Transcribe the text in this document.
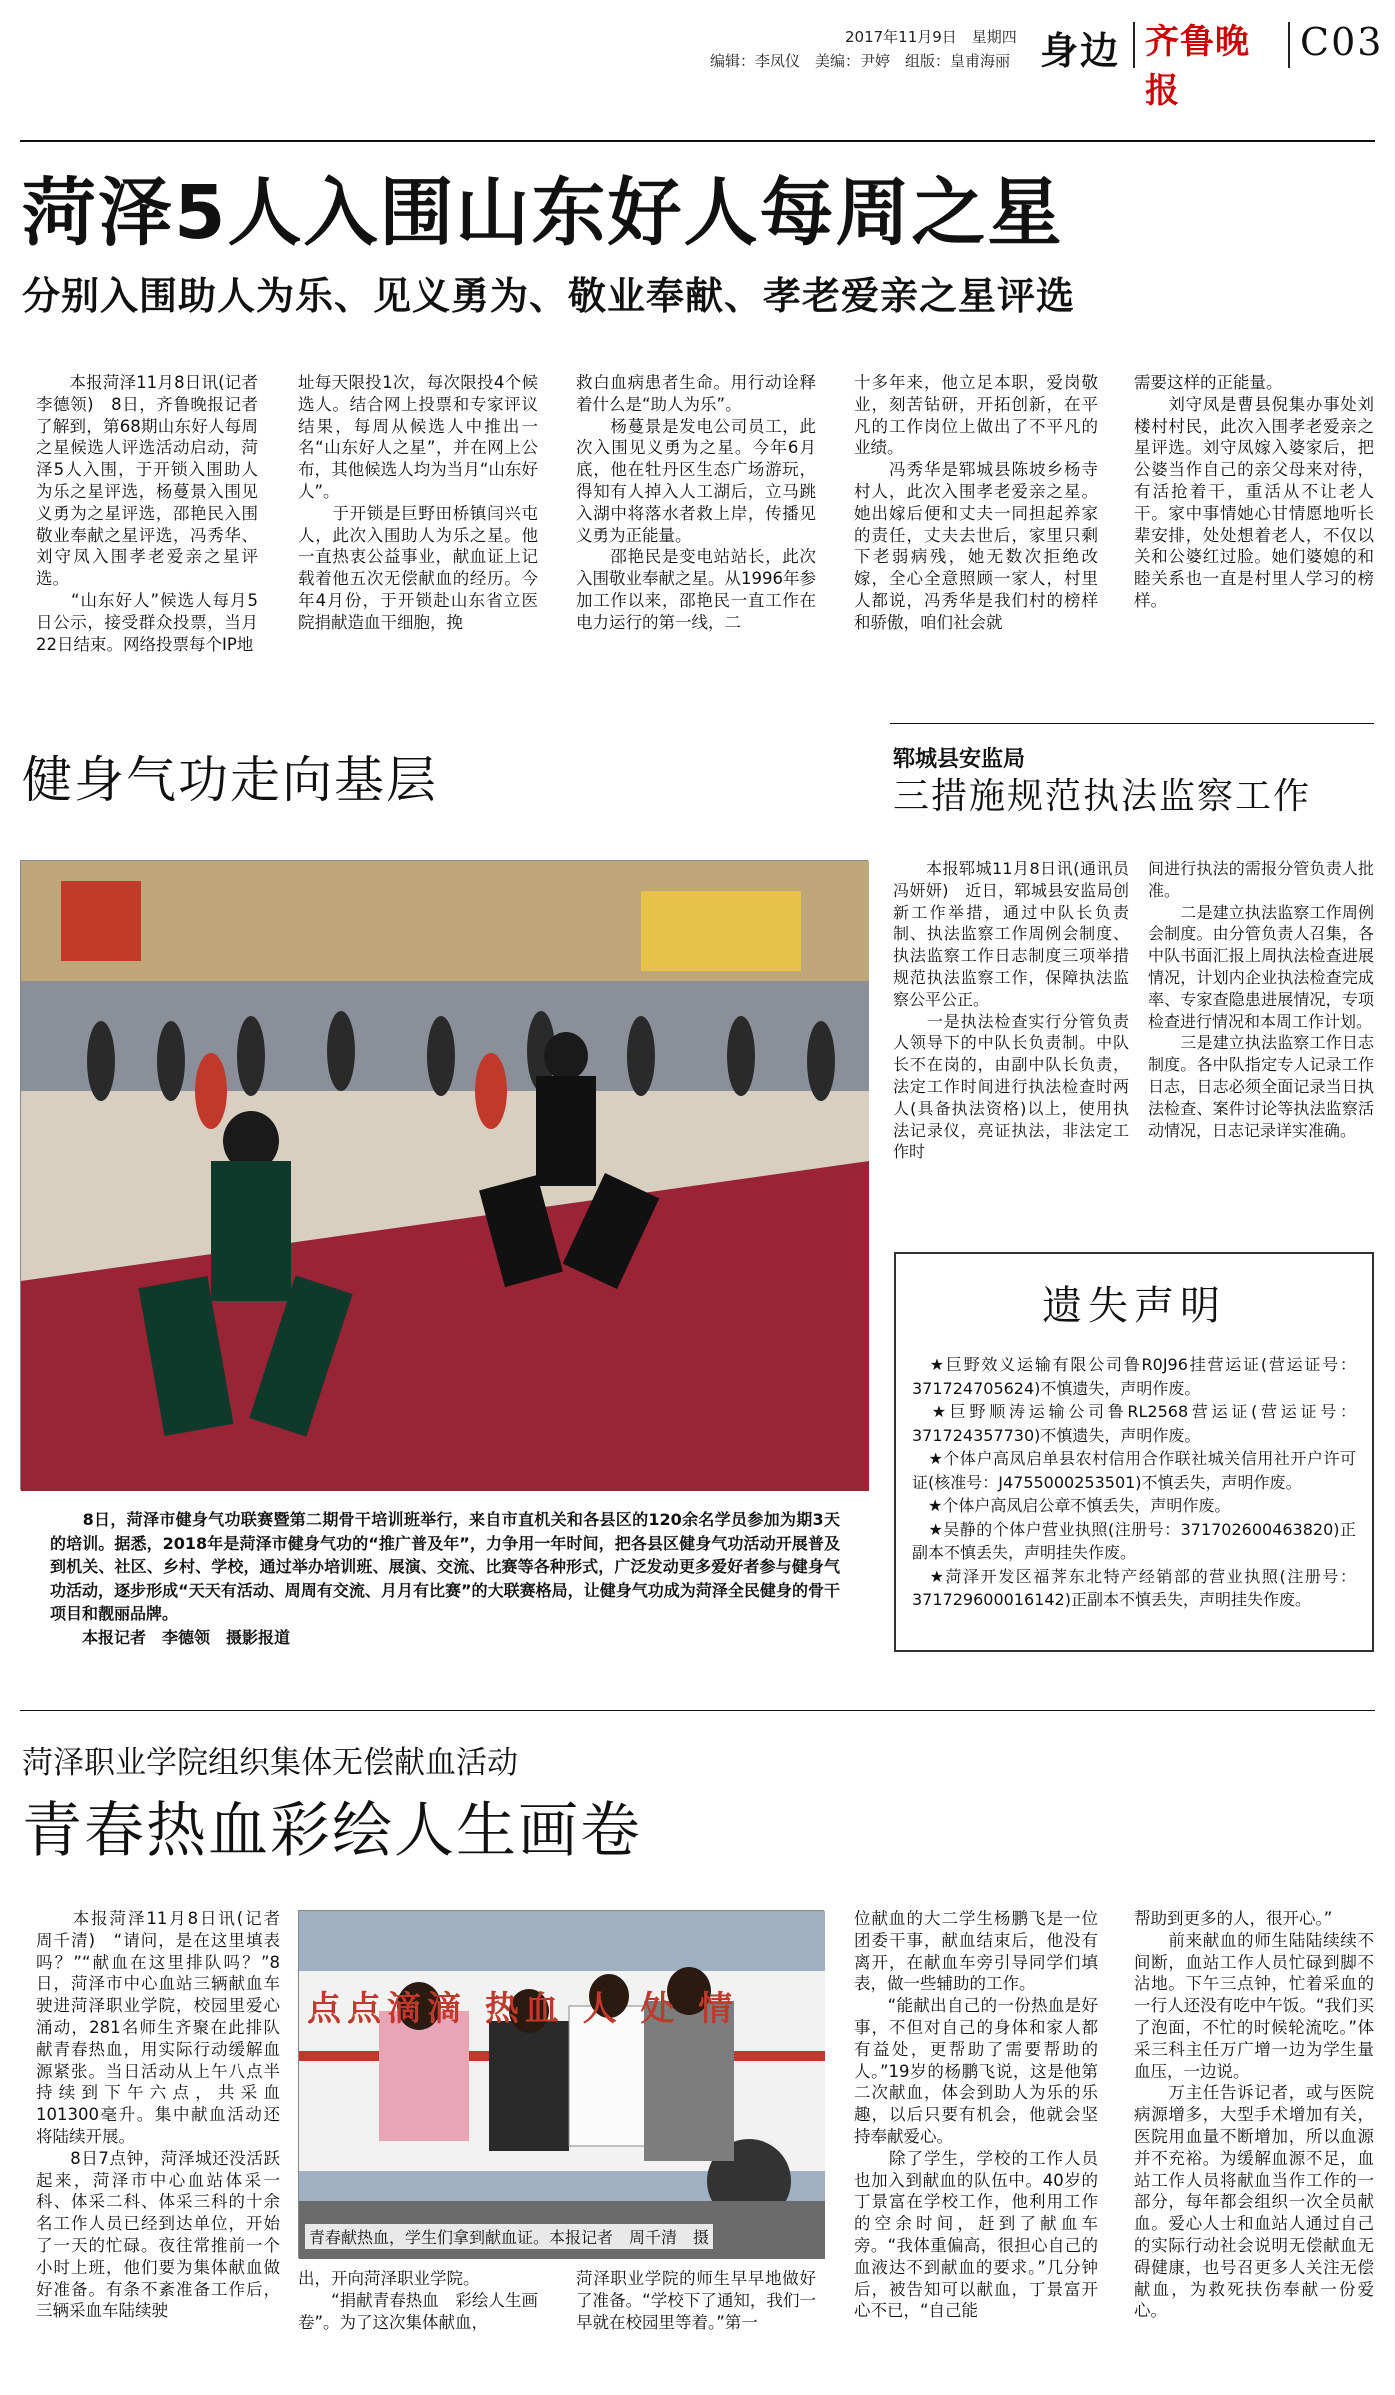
2017年11月9日　星期四
编辑：李凤仪　美编：尹婷　组版：皇甫海丽 身边 齐鲁晚报
C03
菏泽5人入围山东好人每周之星
分别入围助人为乐、见义勇为、敬业奉献、孝老爱亲之星评选
　　本报菏泽11月8日讯(记者　李德领)　8日，齐鲁晚报记者了解到，第68期山东好人每周之星候选人评选活动启动，菏泽5人入围，于开锁入围助人为乐之星评选，杨蔓景入围见义勇为之星评选，邵艳民入围敬业奉献之星评选，冯秀华、刘守凤入围孝老爱亲之星评选。
　　“山东好人”候选人每月5日公示，接受群众投票，当月22日结束。网络投票每个IP地
址每天限投1次，每次限投4个候选人。结合网上投票和专家评议结果，每周从候选人中推出一名“山东好人之星”，并在网上公布，其他候选人均为当月“山东好人”。
　　于开锁是巨野田桥镇闫兴屯人，此次入围助人为乐之星。他一直热衷公益事业，献血证上记载着他五次无偿献血的经历。今年4月份，于开锁赴山东省立医院捐献造血干细胞，挽
救白血病患者生命。用行动诠释着什么是“助人为乐”。
　　杨蔓景是发电公司员工，此次入围见义勇为之星。今年6月底，他在牡丹区生态广场游玩，得知有人掉入人工湖后，立马跳入湖中将落水者救上岸，传播见义勇为正能量。
　　邵艳民是变电站站长，此次入围敬业奉献之星。从1996年参加工作以来，邵艳民一直工作在电力运行的第一线，二
十多年来，他立足本职，爱岗敬业，刻苦钻研，开拓创新，在平凡的工作岗位上做出了不平凡的业绩。
　　冯秀华是郓城县陈坡乡杨寺村人，此次入围孝老爱亲之星。她出嫁后便和丈夫一同担起养家的责任，丈夫去世后，家里只剩下老弱病残，她无数次拒绝改嫁，全心全意照顾一家人，村里人都说，冯秀华是我们村的榜样和骄傲，咱们社会就
需要这样的正能量。
　　刘守凤是曹县倪集办事处刘楼村村民，此次入围孝老爱亲之星评选。刘守凤嫁入婆家后，把公婆当作自己的亲父母来对待，有活抢着干，重活从不让老人干。家中事情她心甘情愿地听长辈安排，处处想着老人，不仅以关和公婆红过脸。她们婆媳的和睦关系也一直是村里人学习的榜样。
健身气功走向基层
　　8日，菏泽市健身气功联赛暨第二期骨干培训班举行，来自市直机关和各县区的120余名学员参加为期3天的培训。据悉，2018年是菏泽市健身气功的“推广普及年”，力争用一年时间，把各县区健身气功活动开展普及到机关、社区、乡村、学校，通过举办培训班、展演、交流、比赛等各种形式，广泛发动更多爱好者参与健身气功活动，逐步形成“天天有活动、周周有交流、月月有比赛”的大联赛格局，让健身气功成为菏泽全民健身的骨干项目和靓丽品牌。
　　本报记者　李德领　摄影报道
郓城县安监局
三措施规范执法监察工作
　　本报郓城11月8日讯(通讯员　冯妍妍)　近日，郓城县安监局创新工作举措，通过中队长负责制、执法监察工作周例会制度、执法监察工作日志制度三项举措规范执法监察工作，保障执法监察公平公正。
　　一是执法检查实行分管负责人领导下的中队长负责制。中队长不在岗的，由副中队长负责，法定工作时间进行执法检查时两人(具备执法资格)以上，使用执法记录仪，亮证执法，非法定工作时
间进行执法的需报分管负责人批准。
　　二是建立执法监察工作周例会制度。由分管负责人召集，各中队书面汇报上周执法检查进展情况，计划内企业执法检查完成率、专家查隐患进展情况，专项检查进行情况和本周工作计划。
　　三是建立执法监察工作日志制度。各中队指定专人记录工作日志，日志必须全面记录当日执法检查、案件讨论等执法监察活动情况，日志记录详实准确。
遗失声明
　★巨野效义运输有限公司鲁R0J96挂营运证(营运证号：371724705624)不慎遗失，声明作废。
　★巨野顺涛运输公司鲁RL2568营运证(营运证号：371724357730)不慎遗失，声明作废。
　★个体户高凤启单县农村信用合作联社城关信用社开户许可证(核准号：J4755000253501)不慎丢失，声明作废。
　★个体户高凤启公章不慎丢失，声明作废。
　★吴静的个体户营业执照(注册号：371702600463820)正副本不慎丢失，声明挂失作废。
　★菏泽开发区福荠东北特产经销部的营业执照(注册号：371729600016142)正副本不慎丢失，声明挂失作废。
菏泽职业学院组织集体无偿献血活动
青春热血彩绘人生画卷
　　本报菏泽11月8日讯(记者　周千清)　“请问，是在这里填表吗？”“献血在这里排队吗？”8日，菏泽市中心血站三辆献血车驶进菏泽职业学院，校园里爱心涌动，281名师生齐聚在此排队献青春热血，用实际行动缓解血源紧张。当日活动从上午八点半持续到下午六点，共采血101300毫升。集中献血活动还将陆续开展。
　　8日7点钟，菏泽城还没活跃起来，菏泽市中心血站体采一科、体采二科、体采三科的十余名工作人员已经到达单位，开始了一天的忙碌。夜往常推前一个小时上班，他们要为集体献血做好准备。有条不紊准备工作后，三辆采血车陆续驶
点点滴滴 热血 人 处 情
青春献热血，学生们拿到献血证。本报记者　周千清　摄
出，开向菏泽职业学院。
　　“捐献青春热血　彩绘人生画卷”。为了这次集体献血，
菏泽职业学院的师生早早地做好了准备。“学校下了通知，我们一早就在校园里等着。”第一
位献血的大二学生杨鹏飞是一位团委干事，献血结束后，他没有离开，在献血车旁引导同学们填表，做一些辅助的工作。
　　“能献出自己的一份热血是好事，不但对自己的身体和家人都有益处，更帮助了需要帮助的人。”19岁的杨鹏飞说，这是他第二次献血，体会到助人为乐的乐趣，以后只要有机会，他就会坚持奉献爱心。
　　除了学生，学校的工作人员也加入到献血的队伍中。40岁的丁景富在学校工作，他利用工作的空余时间，赶到了献血车旁。“我体重偏高，很担心自己的血液达不到献血的要求。”几分钟后，被告知可以献血，丁景富开心不已，“自己能
帮助到更多的人，很开心。”
　　前来献血的师生陆陆续续不间断，血站工作人员忙碌到脚不沾地。下午三点钟，忙着采血的一行人还没有吃中午饭。“我们买了泡面，不忙的时候轮流吃。”体采三科主任万广增一边为学生量血压，一边说。
　　万主任告诉记者，或与医院病源增多，大型手术增加有关，医院用血量不断增加，所以血源并不充裕。为缓解血源不足，血站工作人员将献血当作工作的一部分，每年都会组织一次全员献血。爱心人士和血站人通过自己的实际行动社会说明无偿献血无碍健康，也号召更多人关注无偿献血，为救死扶伤奉献一份爱心。
